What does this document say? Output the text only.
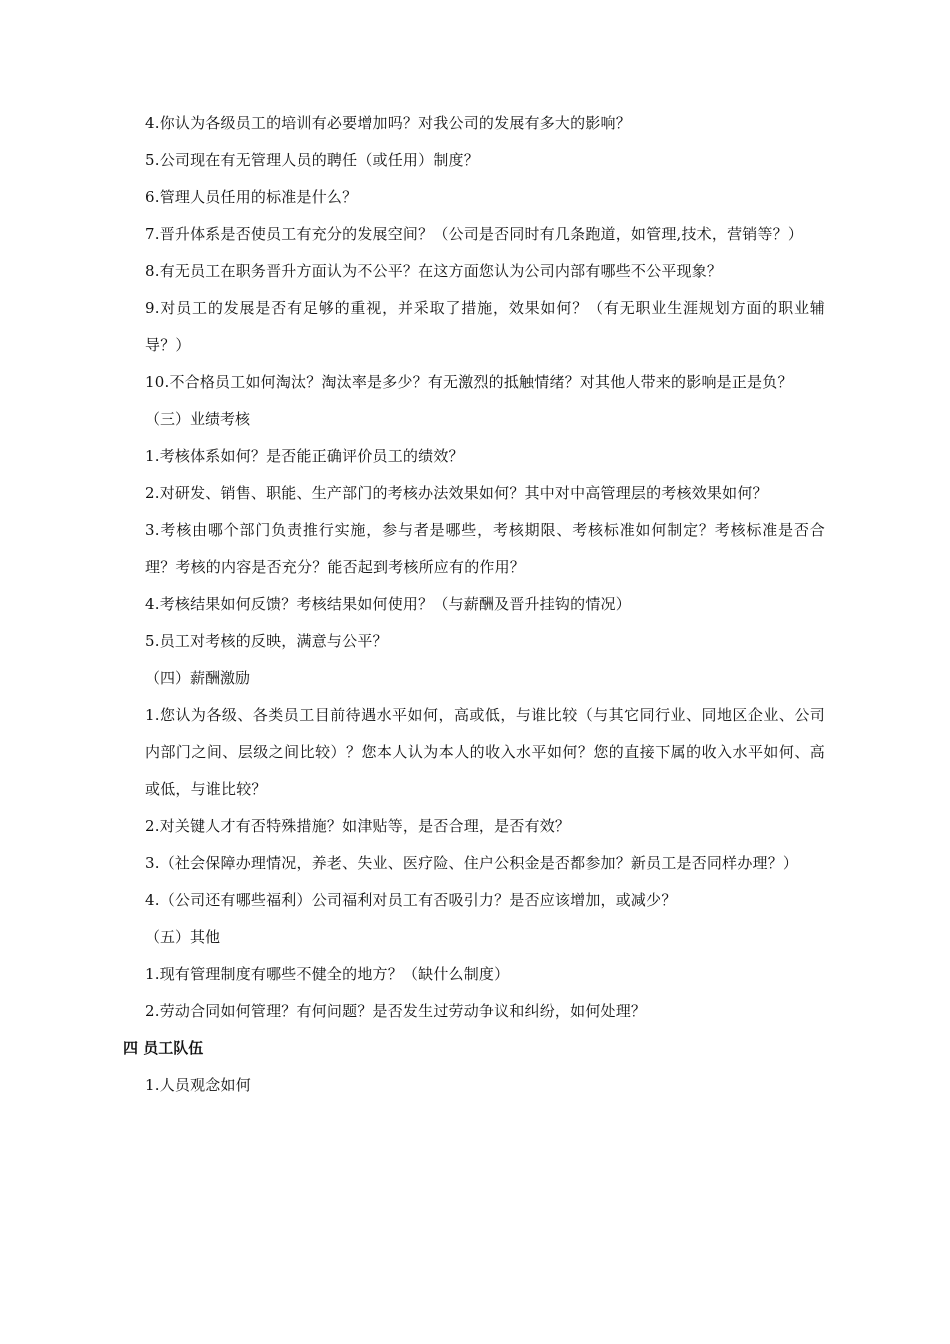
4.你认为各级员工的培训有必要增加吗？对我公司的发展有多大的影响？

5.公司现在有无管理人员的聘任（或任用）制度？

6.管理人员任用的标准是什么？

7.晋升体系是否使员工有充分的发展空间？（公司是否同时有几条跑道，如管理,技术，营销等？）

8.有无员工在职务晋升方面认为不公平？在这方面您认为公司内部有哪些不公平现象？

9.对员工的发展是否有足够的重视，并采取了措施，效果如何？（有无职业生涯规划方面的职业辅导？）

10.不合格员工如何淘汰？淘汰率是多少？有无激烈的抵触情绪？对其他人带来的影响是正是负？

（三）业绩考核

1.考核体系如何？是否能正确评价员工的绩效？

2.对研发、销售、职能、生产部门的考核办法效果如何？其中对中高管理层的考核效果如何？

3.考核由哪个部门负责推行实施，参与者是哪些，考核期限、考核标准如何制定？考核标准是否合理？考核的内容是否充分？能否起到考核所应有的作用？

4.考核结果如何反馈？考核结果如何使用？（与薪酬及晋升挂钩的情况）

5.员工对考核的反映，满意与公平？

（四）薪酬激励

1.您认为各级、各类员工目前待遇水平如何，高或低，与谁比较（与其它同行业、同地区企业、公司内部门之间、层级之间比较）？您本人认为本人的收入水平如何？您的直接下属的收入水平如何、高或低，与谁比较？

2.对关键人才有否特殊措施？如津贴等，是否合理，是否有效？

3.（社会保障办理情况，养老、失业、医疗险、住户公积金是否都参加？新员工是否同样办理？）

4.（公司还有哪些福利）公司福利对员工有否吸引力？是否应该增加，或减少？

（五）其他

1.现有管理制度有哪些不健全的地方？（缺什么制度）

2.劳动合同如何管理？有何问题？是否发生过劳动争议和纠纷，如何处理？

四 员工队伍

1.人员观念如何
